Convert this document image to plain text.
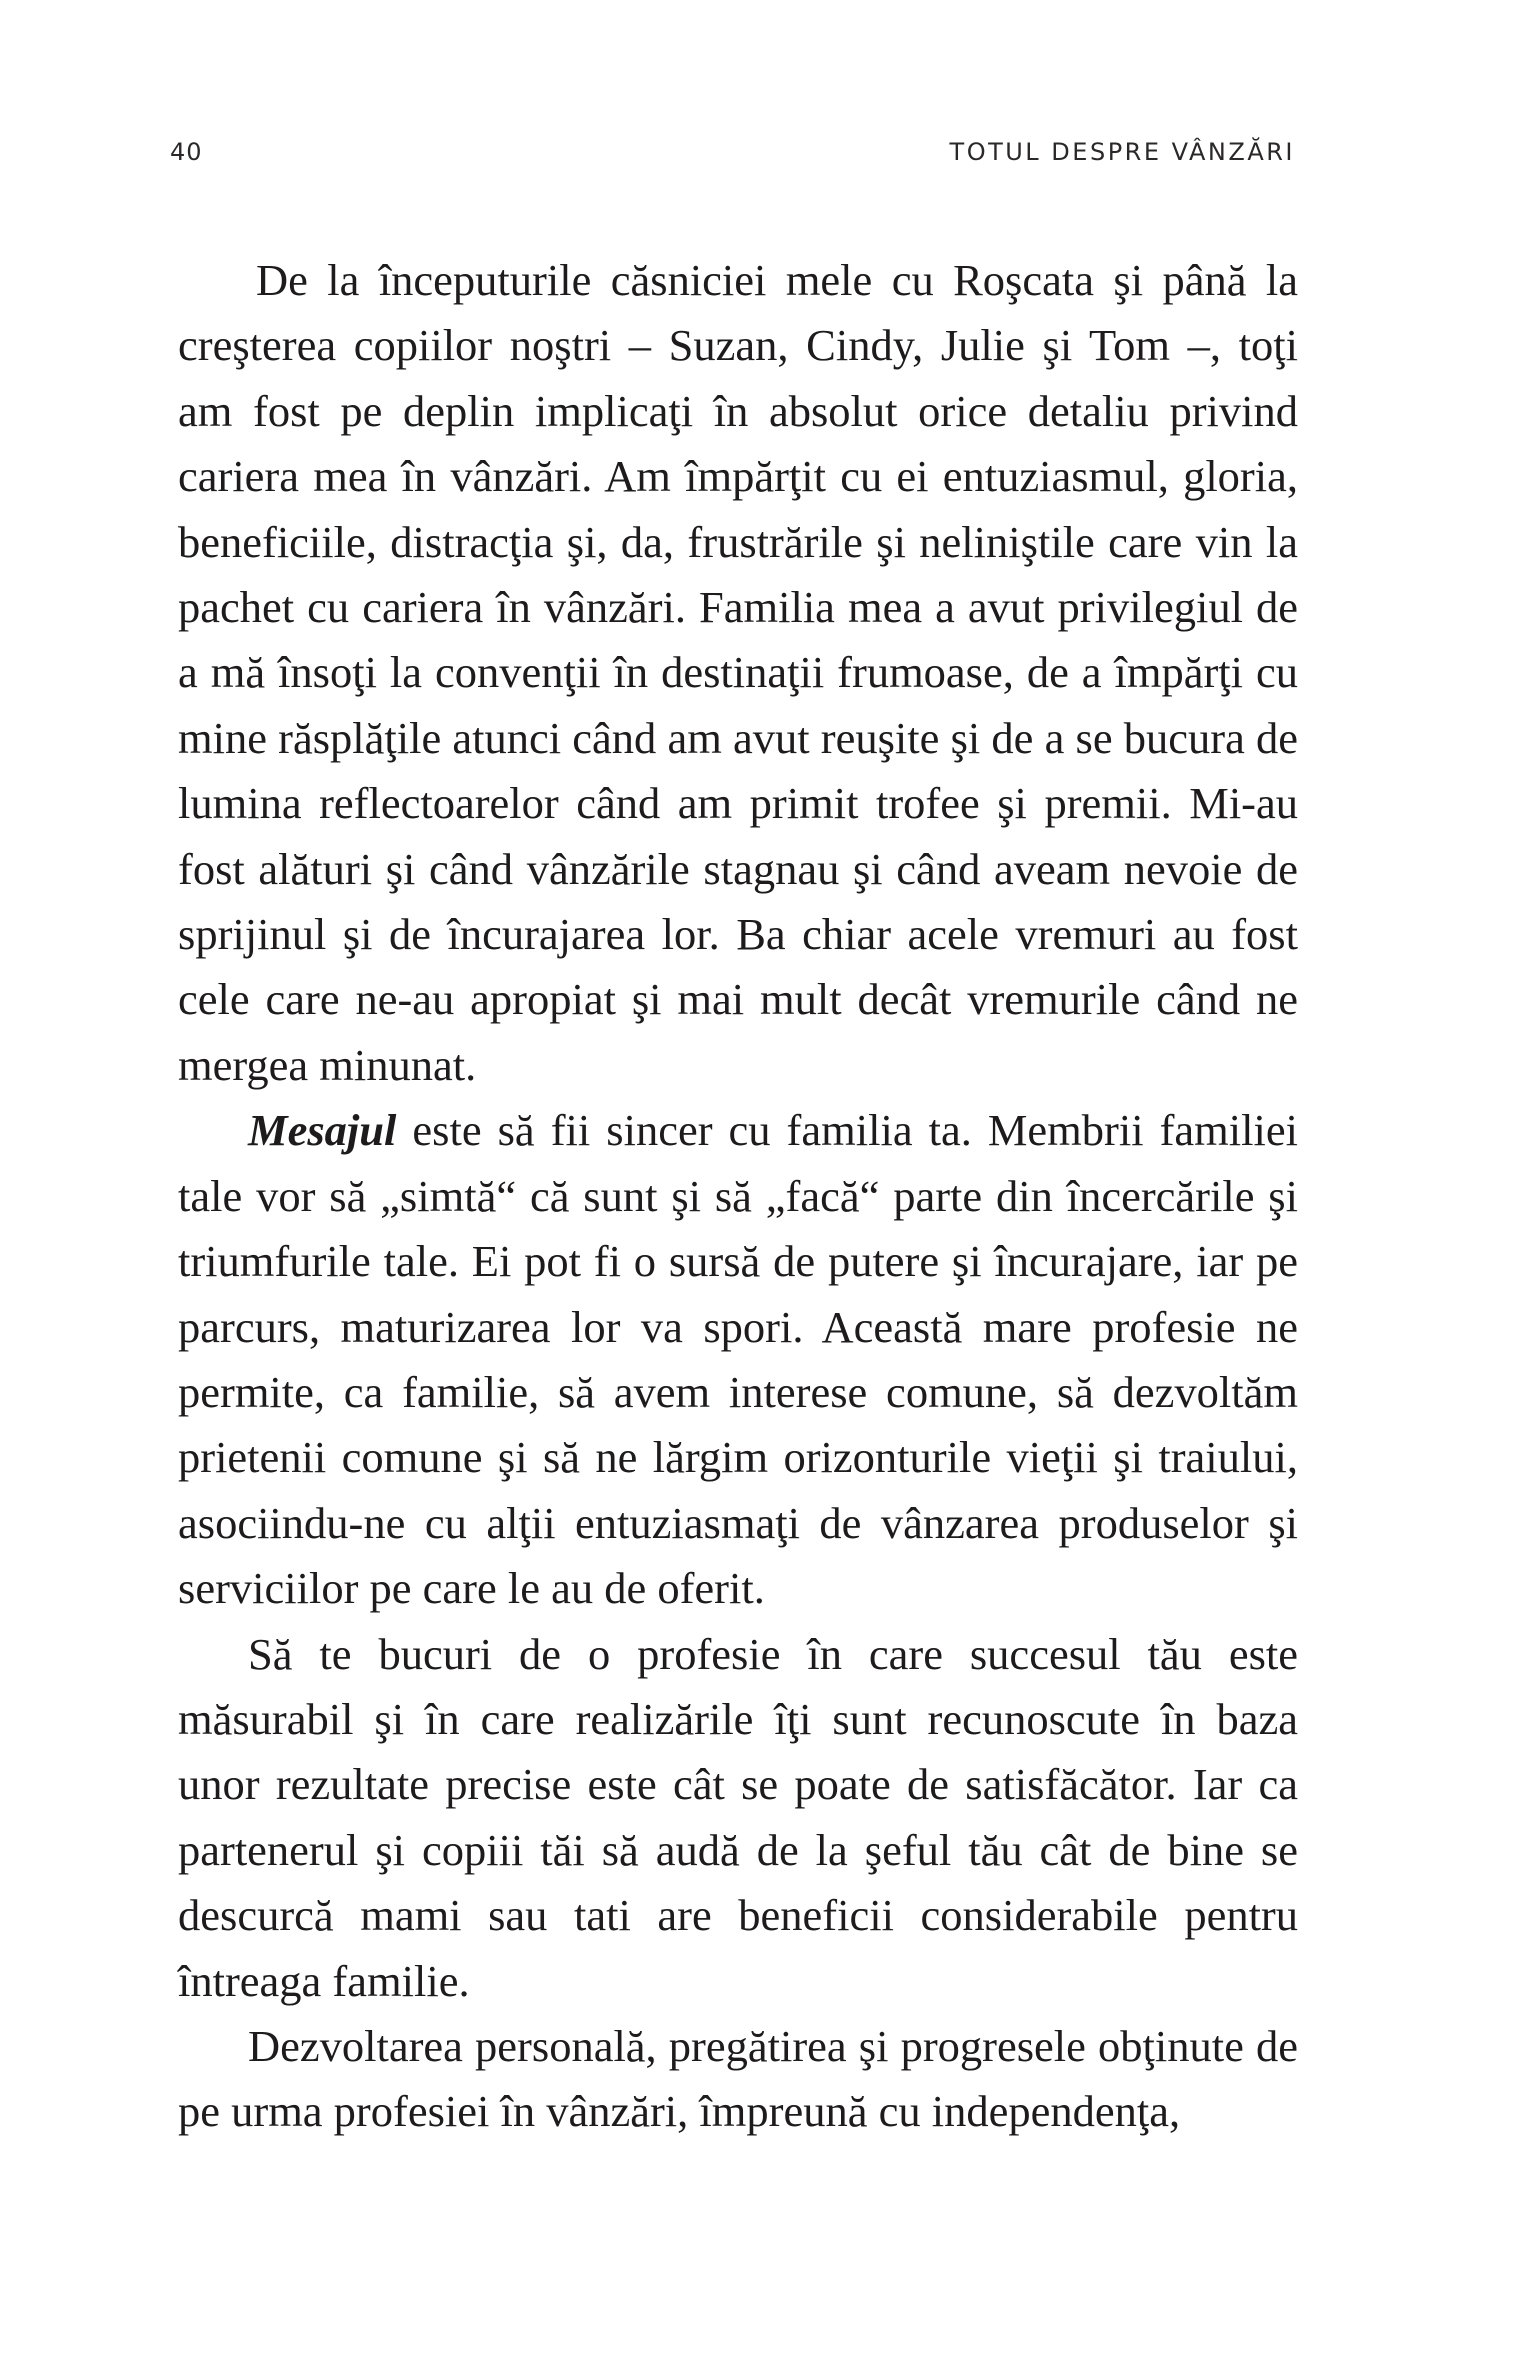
40	TOTUL DESPRE VÂNZĂRI

De la începuturile căsniciei mele cu Roşcata şi până la creşterea copiilor noştri – Suzan, Cindy, Julie şi Tom –, toţi am fost pe deplin implicaţi în absolut orice detaliu privind cariera mea în vânzări. Am împărţit cu ei entuziasmul, gloria, beneficiile, distracţia şi, da, frustrările şi neliniştile care vin la pachet cu cariera în vânzări. Familia mea a avut privilegiul de a mă însoţi la convenţii în destinaţii frumoase, de a împărţi cu mine răsplăţile atunci când am avut reuşite şi de a se bucura de lumina reflectoarelor când am primit trofee şi premii. Mi-au fost alături şi când vânzările stagnau şi când aveam nevoie de sprijinul şi de încurajarea lor. Ba chiar acele vremuri au fost cele care ne-au apropiat şi mai mult decât vremurile când ne mergea minunat.

Mesajul este să fii sincer cu familia ta. Membrii familiei tale vor să „simtă“ că sunt şi să „facă“ parte din încercările şi triumfurile tale. Ei pot fi o sursă de putere şi încurajare, iar pe parcurs, maturizarea lor va spori. Această mare profesie ne permite, ca familie, să avem interese comune, să dezvoltăm prietenii comune şi să ne lărgim orizonturile vieţii şi traiului, asociindu-ne cu alţii entuziasmaţi de vânzarea produselor şi serviciilor pe care le au de oferit.

Să te bucuri de o profesie în care succesul tău este măsurabil şi în care realizările îţi sunt recunoscute în baza unor rezultate precise este cât se poate de satisfăcător. Iar ca partenerul şi copiii tăi să audă de la şeful tău cât de bine se descurcă mami sau tati are beneficii considerabile pentru întreaga familie.

Dezvoltarea personală, pregătirea şi progresele obţinute de pe urma profesiei în vânzări, împreună cu independenţa,
